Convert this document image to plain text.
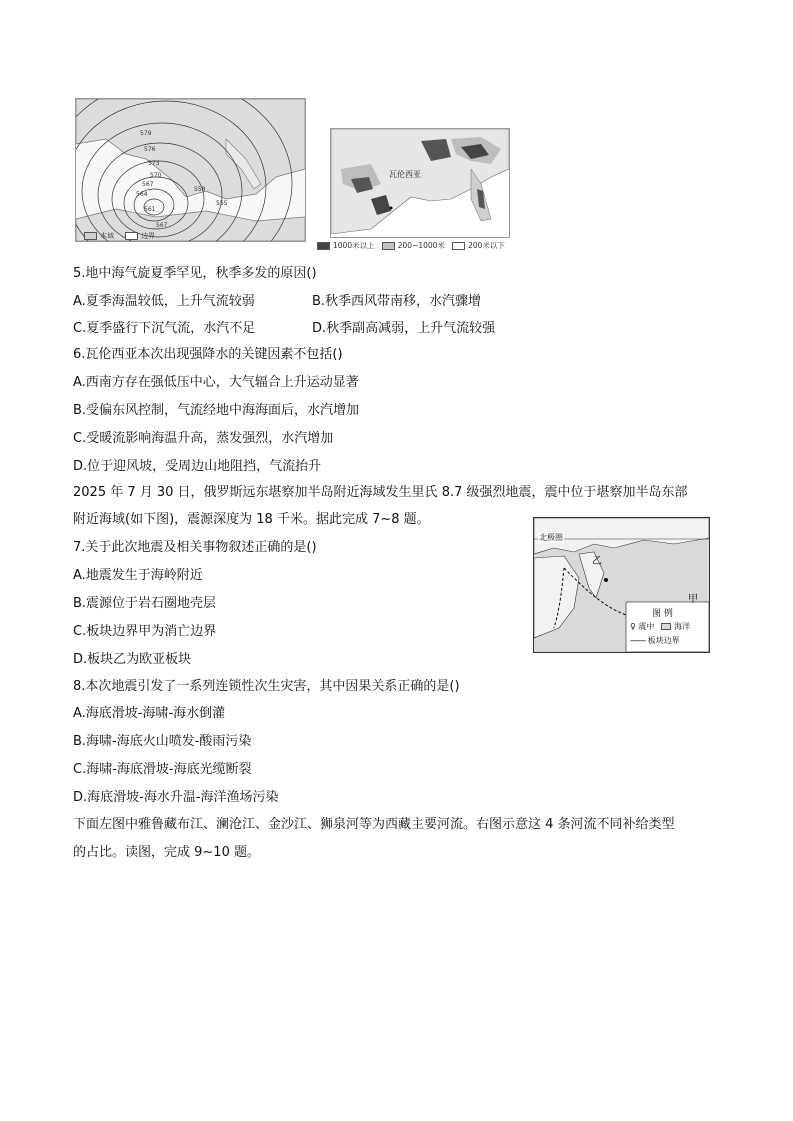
579
576
573
570
567
564
561
558
555
567
本域	边界
瓦伦西亚
1000米以上	200~1000米	200米以下
5.地中海气旋夏季罕见，秋季多发的原因()
A.夏季海温较低，上升气流较弱	B.秋季西风带南移，水汽骤增
C.夏季盛行下沉气流，水汽不足	D.秋季副高减弱，上升气流较强
6.瓦伦西亚本次出现强降水的关键因素不包括()
A.西南方存在强低压中心，大气辐合上升运动显著
B.受偏东风控制，气流经地中海海面后，水汽增加
C.受暖流影响海温升高，蒸发强烈，水汽增加
D.位于迎风坡，受周边山地阻挡，气流抬升
2025 年 7 月 30 日，俄罗斯远东堪察加半岛附近海域发生里氏 8.7 级强烈地震，震中位于堪察加半岛东部
附近海域(如下图)，震源深度为 18 千米。据此完成 7~8 题。
北极圈
乙
甲
图 例
♀ 震中 海洋
-------- 板块边界
7.关于此次地震及相关事物叙述正确的是()
A.地震发生于海岭附近
B.震源位于岩石圈地壳层
C.板块边界甲为消亡边界
D.板块乙为欧亚板块
8.本次地震引发了一系列连锁性次生灾害，其中因果关系正确的是()
A.海底滑坡-海啸-海水倒灌
B.海啸-海底火山喷发-酸雨污染
C.海啸-海底滑坡-海底光缆断裂
D.海底滑坡-海水升温-海洋渔场污染
下面左图中雅鲁藏布江、澜沧江、金沙江、狮泉河等为西藏主要河流。右图示意这 4 条河流不同补给类型
的占比。读图，完成 9~10 题。
